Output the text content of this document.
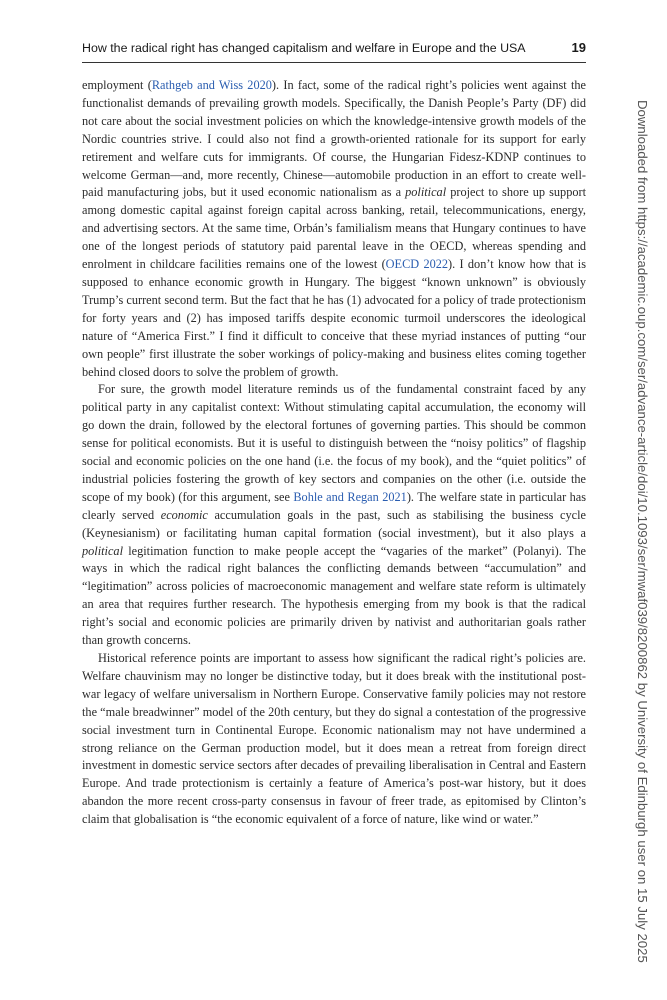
How the radical right has changed capitalism and welfare in Europe and the USA	19

employment (Rathgeb and Wiss 2020). In fact, some of the radical right’s policies went against the functionalist demands of prevailing growth models. Specifically, the Danish People’s Party (DF) did not care about the social investment policies on which the knowledge-intensive growth models of the Nordic countries strive. I could also not find a growth-oriented rationale for its support for early retirement and welfare cuts for immigrants. Of course, the Hungarian Fidesz-KDNP continues to welcome German—and, more recently, Chinese—automobile production in an effort to create well-paid manufacturing jobs, but it used economic nationalism as a political project to shore up support among domestic capital against foreign capital across banking, retail, telecommunications, energy, and advertising sectors. At the same time, Orbán’s familialism means that Hungary continues to have one of the longest periods of statutory paid parental leave in the OECD, whereas spending and enrolment in childcare facilities remains one of the lowest (OECD 2022). I don’t know how that is supposed to enhance economic growth in Hungary. The biggest “known unknown” is obviously Trump’s current second term. But the fact that he has (1) advocated for a policy of trade protectionism for forty years and (2) has imposed tariffs despite economic turmoil underscores the ideological nature of “America First.” I find it difficult to conceive that these myriad instances of putting “our own people” first illustrate the sober workings of policy-making and business elites coming together behind closed doors to solve the problem of growth.

For sure, the growth model literature reminds us of the fundamental constraint faced by any political party in any capitalist context: Without stimulating capital accumulation, the economy will go down the drain, followed by the electoral fortunes of governing parties. This should be common sense for political economists. But it is useful to distinguish between the “noisy politics” of flagship social and economic policies on the one hand (i.e. the focus of my book), and the “quiet politics” of industrial policies fostering the growth of key sectors and companies on the other (i.e. outside the scope of my book) (for this argument, see Bohle and Regan 2021). The welfare state in particular has clearly served economic accumulation goals in the past, such as stabilising the business cycle (Keynesianism) or facilitating human capital formation (social investment), but it also plays a political legitimation function to make people accept the “vagaries of the market” (Polanyi). The ways in which the radical right balances the conflicting demands between “accumulation” and “legitimation” across policies of macroeconomic management and welfare state reform is ultimately an area that requires further research. The hypothesis emerging from my book is that the radical right’s social and economic policies are primarily driven by nativist and authoritarian goals rather than growth concerns.

Historical reference points are important to assess how significant the radical right’s policies are. Welfare chauvinism may no longer be distinctive today, but it does break with the institutional post-war legacy of welfare universalism in Northern Europe. Conservative family policies may not restore the “male breadwinner” model of the 20th century, but they do signal a contestation of the progressive social investment turn in Continental Europe. Economic nationalism may not have undermined a strong reliance on the German production model, but it does mean a retreat from foreign direct investment in domestic service sectors after decades of prevailing liberalisation in Central and Eastern Europe. And trade protectionism is certainly a feature of America’s post-war history, but it does abandon the more recent cross-party consensus in favour of freer trade, as epitomised by Clinton’s claim that globalisation is “the economic equivalent of a force of nature, like wind or water.”	Downloaded from https://academic.oup.com/ser/advance-article/doi/10.1093/ser/mwaf039/8200862 by University of Edinburgh user on 15 July 2025
